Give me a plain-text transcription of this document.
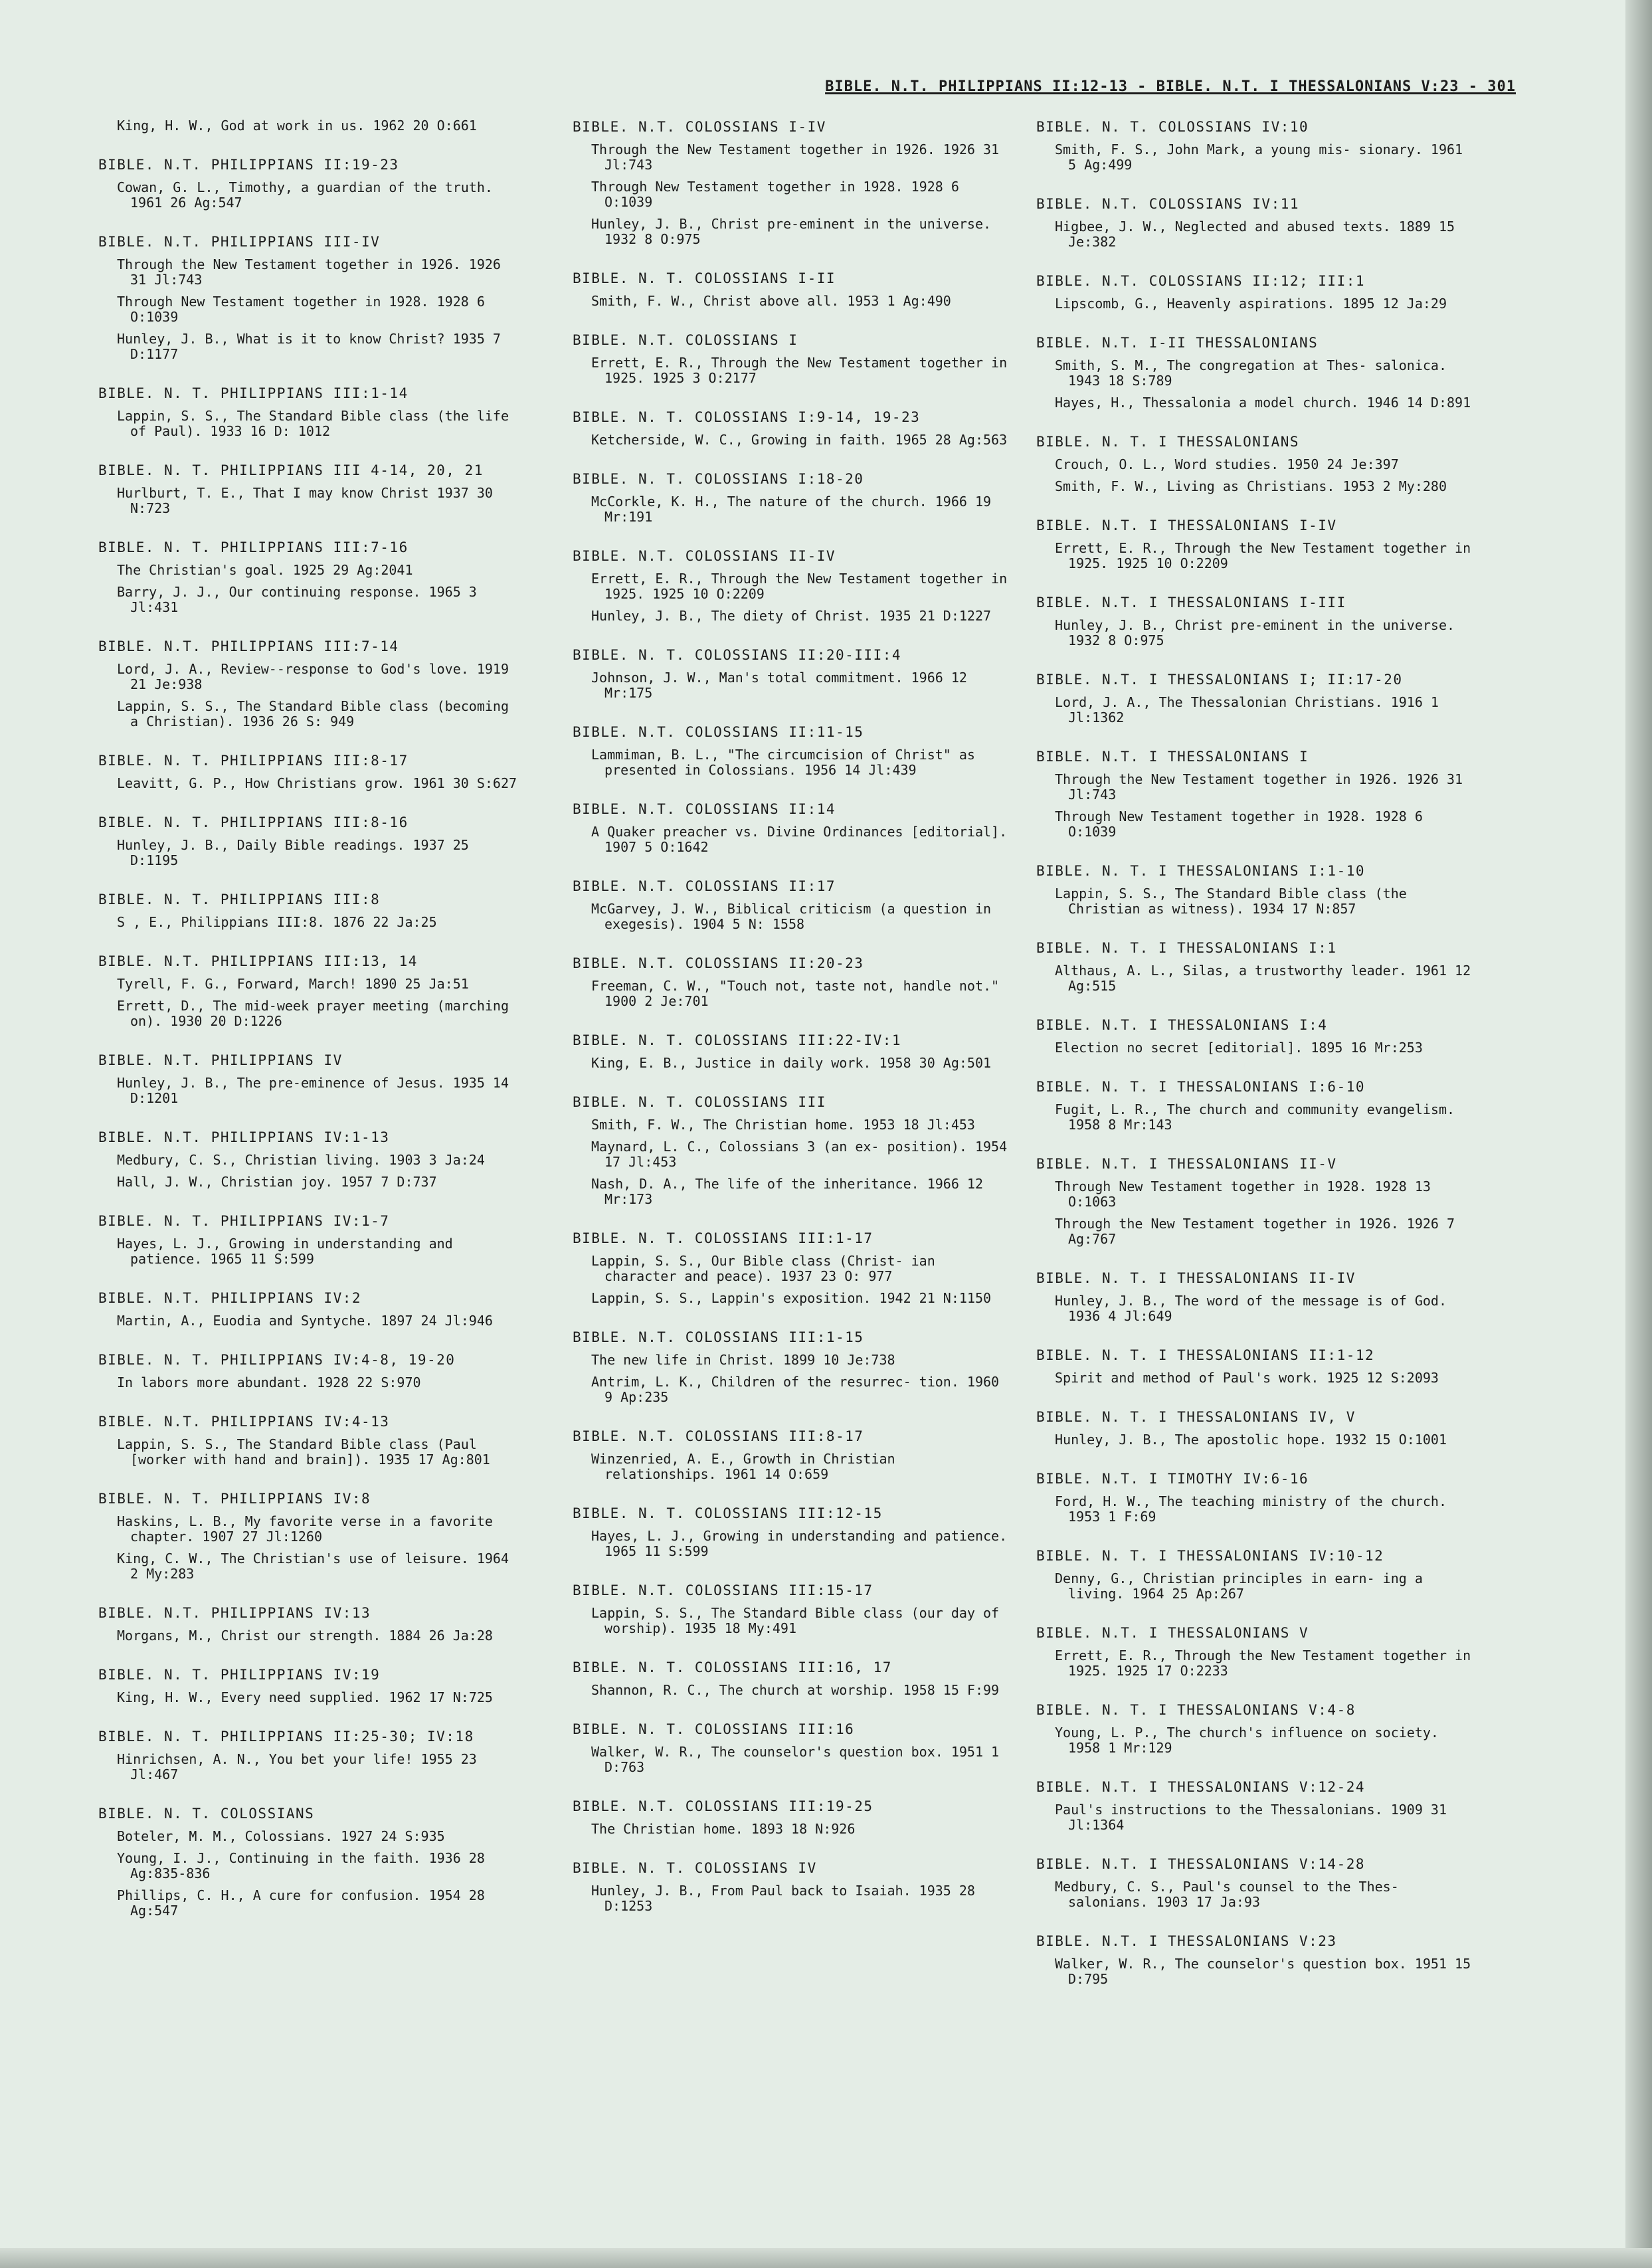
BIBLE. N.T. PHILIPPIANS II:12-13 - BIBLE. N.T. I THESSALONIANS V:23 - 301
King, H. W., God at work in us. 1962 20 O:661
BIBLE. N.T. PHILIPPIANS II:19-23
Cowan, G. L., Timothy, a guardian of the truth. 1961 26 Ag:547
BIBLE. N.T. PHILIPPIANS III-IV
Through the New Testament together in 1926. 1926 31 Jl:743
Through New Testament together in 1928. 1928 6 O:1039
Hunley, J. B., What is it to know Christ? 1935 7 D:1177
BIBLE. N. T. PHILIPPIANS III:1-14
Lappin, S. S., The Standard Bible class (the life of Paul). 1933 16 D: 1012
BIBLE. N. T. PHILIPPIANS III 4-14, 20, 21
Hurlburt, T. E., That I may know Christ 1937 30 N:723
BIBLE. N. T. PHILIPPIANS III:7-16
The Christian's goal. 1925 29 Ag:2041
Barry, J. J., Our continuing response. 1965 3 Jl:431
BIBLE. N.T. PHILIPPIANS III:7-14
Lord, J. A., Review--response to God's love. 1919 21 Je:938
Lappin, S. S., The Standard Bible class (becoming a Christian). 1936 26 S: 949
BIBLE. N. T. PHILIPPIANS III:8-17
Leavitt, G. P., How Christians grow. 1961 30 S:627
BIBLE. N. T. PHILIPPIANS III:8-16
Hunley, J. B., Daily Bible readings. 1937 25 D:1195
BIBLE. N. T. PHILIPPIANS III:8
S , E., Philippians III:8. 1876 22 Ja:25
BIBLE. N.T. PHILIPPIANS III:13, 14
Tyrell, F. G., Forward, March! 1890 25 Ja:51
Errett, D., The mid-week prayer meeting (marching on). 1930 20 D:1226
BIBLE. N.T. PHILIPPIANS IV
Hunley, J. B., The pre-eminence of Jesus. 1935 14 D:1201
BIBLE. N.T. PHILIPPIANS IV:1-13
Medbury, C. S., Christian living. 1903 3 Ja:24
Hall, J. W., Christian joy. 1957 7 D:737
BIBLE. N. T. PHILIPPIANS IV:1-7
Hayes, L. J., Growing in understanding and patience. 1965 11 S:599
BIBLE. N.T. PHILIPPIANS IV:2
Martin, A., Euodia and Syntyche. 1897 24 Jl:946
BIBLE. N. T. PHILIPPIANS IV:4-8, 19-20
In labors more abundant. 1928 22 S:970
BIBLE. N.T. PHILIPPIANS IV:4-13
Lappin, S. S., The Standard Bible class (Paul [worker with hand and brain]). 1935 17 Ag:801
BIBLE. N. T. PHILIPPIANS IV:8
Haskins, L. B., My favorite verse in a favorite chapter. 1907 27 Jl:1260
King, C. W., The Christian's use of leisure. 1964 2 My:283
BIBLE. N.T. PHILIPPIANS IV:13
Morgans, M., Christ our strength. 1884 26 Ja:28
BIBLE. N. T. PHILIPPIANS IV:19
King, H. W., Every need supplied. 1962 17 N:725
BIBLE. N. T. PHILIPPIANS II:25-30; IV:18
Hinrichsen, A. N., You bet your life! 1955 23 Jl:467
BIBLE. N. T. COLOSSIANS
Boteler, M. M., Colossians. 1927 24 S:935
Young, I. J., Continuing in the faith. 1936 28 Ag:835-836
Phillips, C. H., A cure for confusion. 1954 28 Ag:547
BIBLE. N.T. COLOSSIANS I-IV
Through the New Testament together in 1926. 1926 31 Jl:743
Through New Testament together in 1928. 1928 6 O:1039
Hunley, J. B., Christ pre-eminent in the universe. 1932 8 O:975
BIBLE. N. T. COLOSSIANS I-II
Smith, F. W., Christ above all. 1953 1 Ag:490
BIBLE. N.T. COLOSSIANS I
Errett, E. R., Through the New Testament together in 1925. 1925 3 O:2177
BIBLE. N. T. COLOSSIANS I:9-14, 19-23
Ketcherside, W. C., Growing in faith. 1965 28 Ag:563
BIBLE. N. T. COLOSSIANS I:18-20
McCorkle, K. H., The nature of the church. 1966 19 Mr:191
BIBLE. N.T. COLOSSIANS II-IV
Errett, E. R., Through the New Testament together in 1925. 1925 10 O:2209
Hunley, J. B., The diety of Christ. 1935 21 D:1227
BIBLE. N. T. COLOSSIANS II:20-III:4
Johnson, J. W., Man's total commitment. 1966 12 Mr:175
BIBLE. N.T. COLOSSIANS II:11-15
Lammiman, B. L., "The circumcision of Christ" as presented in Colossians. 1956 14 Jl:439
BIBLE. N.T. COLOSSIANS II:14
A Quaker preacher vs. Divine Ordinances [editorial]. 1907 5 O:1642
BIBLE. N.T. COLOSSIANS II:17
McGarvey, J. W., Biblical criticism (a question in exegesis). 1904 5 N: 1558
BIBLE. N.T. COLOSSIANS II:20-23
Freeman, C. W., "Touch not, taste not, handle not." 1900 2 Je:701
BIBLE. N. T. COLOSSIANS III:22-IV:1
King, E. B., Justice in daily work. 1958 30 Ag:501
BIBLE. N. T. COLOSSIANS III
Smith, F. W., The Christian home. 1953 18 Jl:453
Maynard, L. C., Colossians 3 (an ex- position). 1954 17 Jl:453
Nash, D. A., The life of the inheritance. 1966 12 Mr:173
BIBLE. N. T. COLOSSIANS III:1-17
Lappin, S. S., Our Bible class (Christ- ian character and peace). 1937 23 O: 977
Lappin, S. S., Lappin's exposition. 1942 21 N:1150
BIBLE. N.T. COLOSSIANS III:1-15
The new life in Christ. 1899 10 Je:738
Antrim, L. K., Children of the resurrec- tion. 1960 9 Ap:235
BIBLE. N.T. COLOSSIANS III:8-17
Winzenried, A. E., Growth in Christian relationships. 1961 14 O:659
BIBLE. N. T. COLOSSIANS III:12-15
Hayes, L. J., Growing in understanding and patience. 1965 11 S:599
BIBLE. N.T. COLOSSIANS III:15-17
Lappin, S. S., The Standard Bible class (our day of worship). 1935 18 My:491
BIBLE. N. T. COLOSSIANS III:16, 17
Shannon, R. C., The church at worship. 1958 15 F:99
BIBLE. N. T. COLOSSIANS III:16
Walker, W. R., The counselor's question box. 1951 1 D:763
BIBLE. N.T. COLOSSIANS III:19-25
The Christian home. 1893 18 N:926
BIBLE. N. T. COLOSSIANS IV
Hunley, J. B., From Paul back to Isaiah. 1935 28 D:1253
BIBLE. N. T. COLOSSIANS IV:10
Smith, F. S., John Mark, a young mis- sionary. 1961 5 Ag:499
BIBLE. N.T. COLOSSIANS IV:11
Higbee, J. W., Neglected and abused texts. 1889 15 Je:382
BIBLE. N.T. COLOSSIANS II:12; III:1
Lipscomb, G., Heavenly aspirations. 1895 12 Ja:29
BIBLE. N.T. I-II THESSALONIANS
Smith, S. M., The congregation at Thes- salonica. 1943 18 S:789
Hayes, H., Thessalonia a model church. 1946 14 D:891
BIBLE. N. T. I THESSALONIANS
Crouch, O. L., Word studies. 1950 24 Je:397
Smith, F. W., Living as Christians. 1953 2 My:280
BIBLE. N.T. I THESSALONIANS I-IV
Errett, E. R., Through the New Testament together in 1925. 1925 10 O:2209
BIBLE. N.T. I THESSALONIANS I-III
Hunley, J. B., Christ pre-eminent in the universe. 1932 8 O:975
BIBLE. N.T. I THESSALONIANS I; II:17-20
Lord, J. A., The Thessalonian Christians. 1916 1 Jl:1362
BIBLE. N.T. I THESSALONIANS I
Through the New Testament together in 1926. 1926 31 Jl:743
Through New Testament together in 1928. 1928 6 O:1039
BIBLE. N. T. I THESSALONIANS I:1-10
Lappin, S. S., The Standard Bible class (the Christian as witness). 1934 17 N:857
BIBLE. N. T. I THESSALONIANS I:1
Althaus, A. L., Silas, a trustworthy leader. 1961 12 Ag:515
BIBLE. N.T. I THESSALONIANS I:4
Election no secret [editorial]. 1895 16 Mr:253
BIBLE. N. T. I THESSALONIANS I:6-10
Fugit, L. R., The church and community evangelism. 1958 8 Mr:143
BIBLE. N.T. I THESSALONIANS II-V
Through New Testament together in 1928. 1928 13 O:1063
Through the New Testament together in 1926. 1926 7 Ag:767
BIBLE. N. T. I THESSALONIANS II-IV
Hunley, J. B., The word of the message is of God. 1936 4 Jl:649
BIBLE. N. T. I THESSALONIANS II:1-12
Spirit and method of Paul's work. 1925 12 S:2093
BIBLE. N. T. I THESSALONIANS IV, V
Hunley, J. B., The apostolic hope. 1932 15 O:1001
BIBLE. N.T. I TIMOTHY IV:6-16
Ford, H. W., The teaching ministry of the church. 1953 1 F:69
BIBLE. N. T. I THESSALONIANS IV:10-12
Denny, G., Christian principles in earn- ing a living. 1964 25 Ap:267
BIBLE. N.T. I THESSALONIANS V
Errett, E. R., Through the New Testament together in 1925. 1925 17 O:2233
BIBLE. N. T. I THESSALONIANS V:4-8
Young, L. P., The church's influence on society. 1958 1 Mr:129
BIBLE. N.T. I THESSALONIANS V:12-24
Paul's instructions to the Thessalonians. 1909 31 Jl:1364
BIBLE. N.T. I THESSALONIANS V:14-28
Medbury, C. S., Paul's counsel to the Thes- salonians. 1903 17 Ja:93
BIBLE. N.T. I THESSALONIANS V:23
Walker, W. R., The counselor's question box. 1951 15 D:795
